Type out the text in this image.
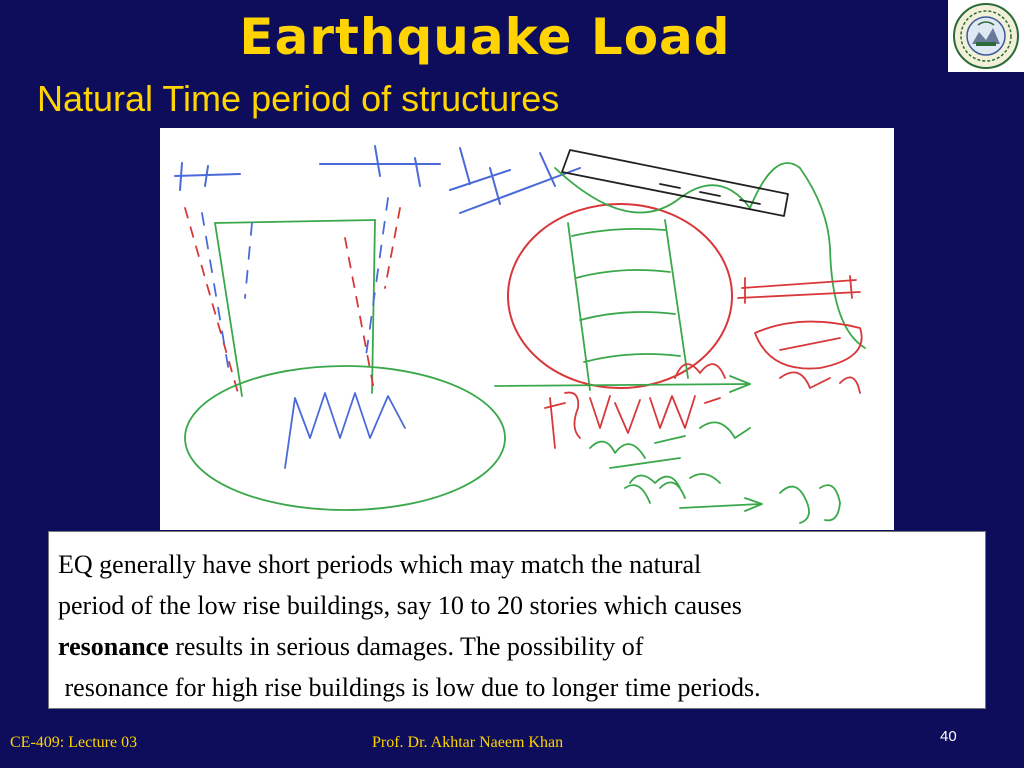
Earthquake Load
Natural Time period of structures

EQ generally have short periods which may match the natural

period of the low rise buildings, say 10 to 20 stories which causes

resonance results in serious damages. The possibility of

resonance for high rise buildings is low due to longer time periods.

CE-409: Lecture 03	Prof. Dr. Akhtar Naeem Khan	40
